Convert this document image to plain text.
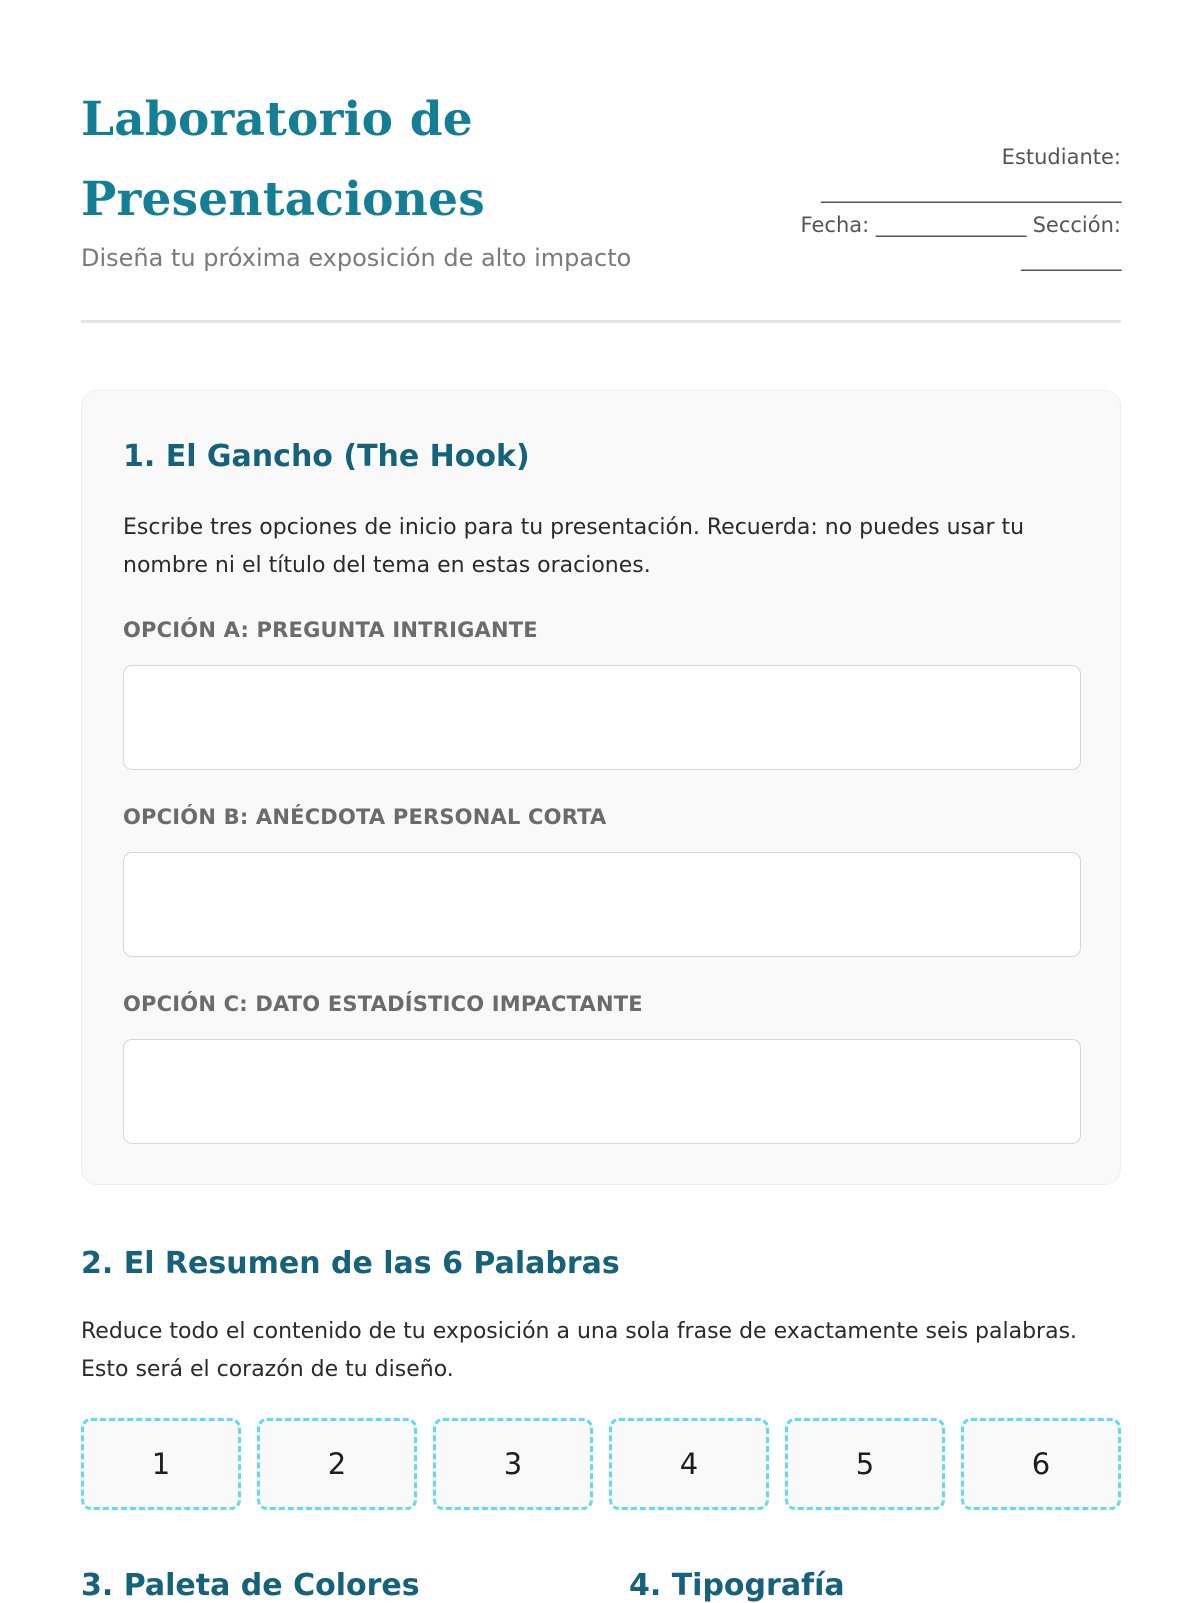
Laboratorio de Presentaciones
Diseña tu próxima exposición de alto impacto
Estudiante:
______________________________
Fecha: _______________ Sección:
__________
1. El Gancho (The Hook)
Escribe tres opciones de inicio para tu presentación. Recuerda: no puedes usar tu nombre ni el título del tema en estas oraciones.
OPCIÓN A: PREGUNTA INTRIGANTE
OPCIÓN B: ANÉCDOTA PERSONAL CORTA
OPCIÓN C: DATO ESTADÍSTICO IMPACTANTE
2. El Resumen de las 6 Palabras
Reduce todo el contenido de tu exposición a una sola frase de exactamente seis palabras. Esto será el corazón de tu diseño.
1	2	3	4	5	6
3. Paleta de Colores	4. Tipografía
